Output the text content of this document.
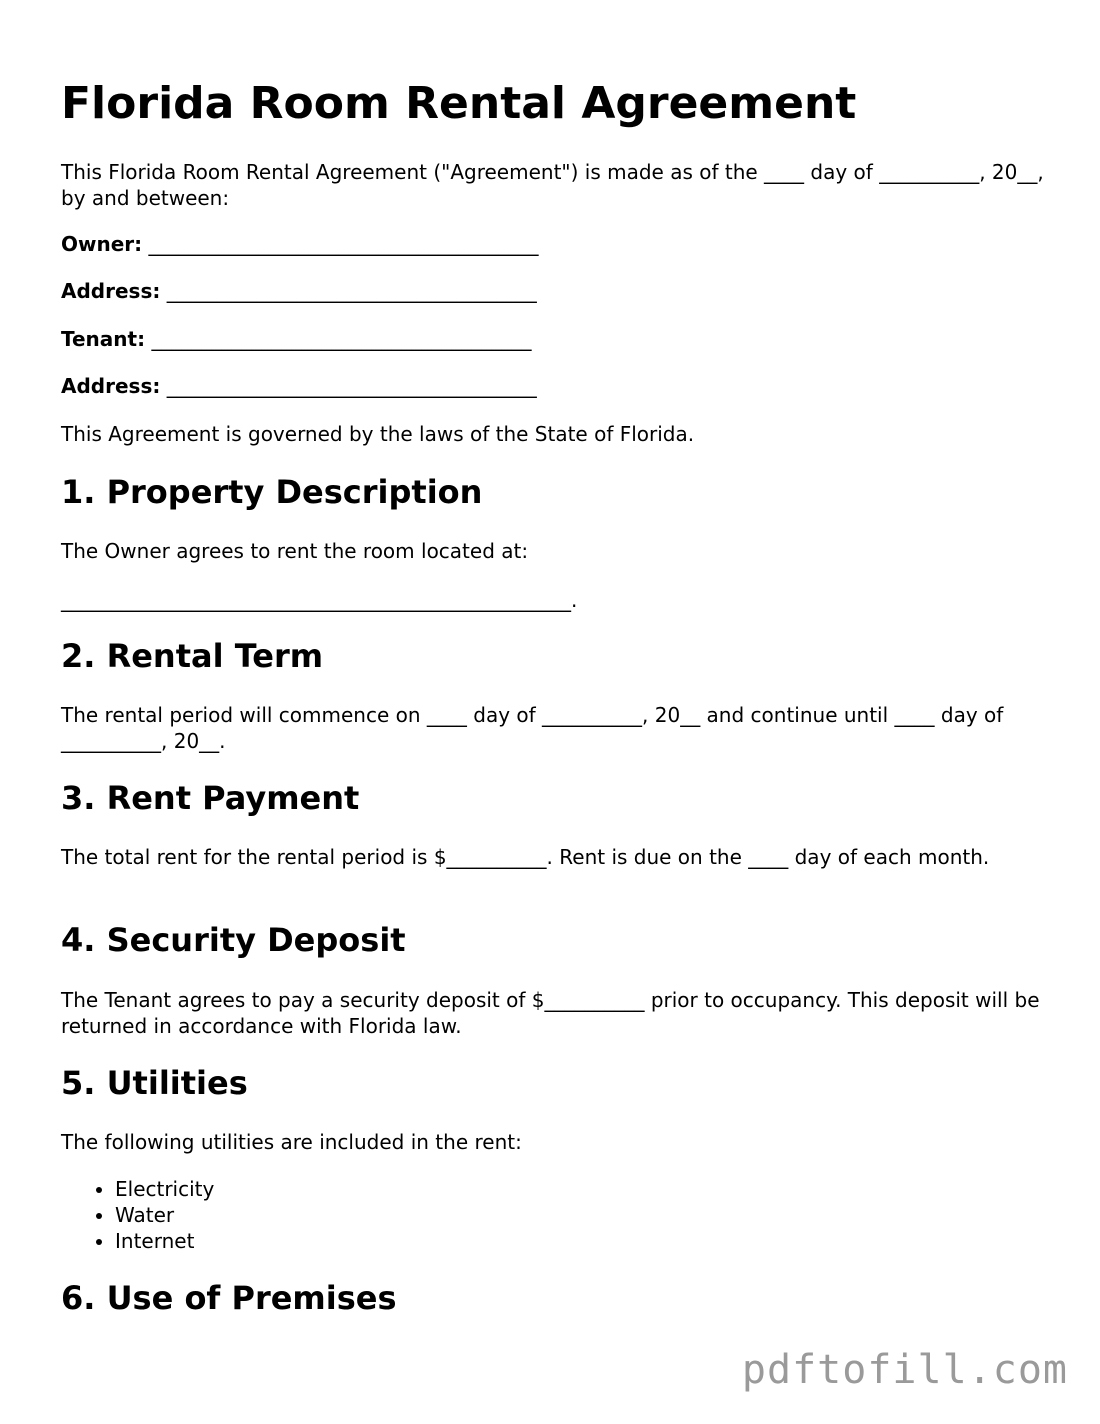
Florida Room Rental Agreement

This Florida Room Rental Agreement ("Agreement") is made as of the ____ day of __________, 20__, by and between:

Owner: _______________________________________
Address: _____________________________________
Tenant: ______________________________________
Address: _____________________________________

This Agreement is governed by the laws of the State of Florida.

1. Property Description

The Owner agrees to rent the room located at:

___________________________________________________.

2. Rental Term

The rental period will commence on ____ day of __________, 20__ and continue until ____ day of __________, 20__.

3. Rent Payment

The total rent for the rental period is $__________. Rent is due on the ____ day of each month.

4. Security Deposit

The Tenant agrees to pay a security deposit of $__________ prior to occupancy. This deposit will be returned in accordance with Florida law.

5. Utilities

The following utilities are included in the rent:

• Electricity
• Water
• Internet
6. Use of Premises
pdftofill.com
